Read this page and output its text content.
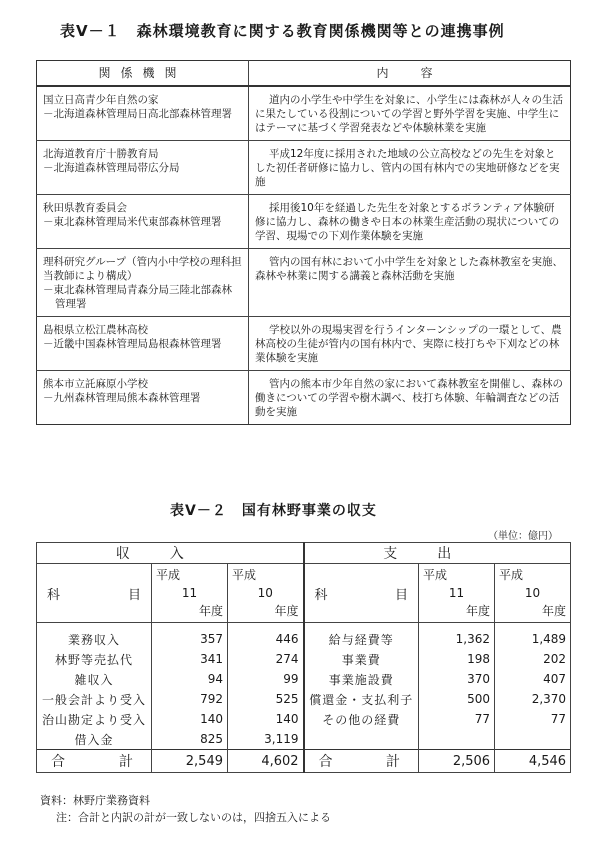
表Ⅴ－１　森林環境教育に関する教育関係機関等との連携事例
関係機関	内　容

国立日高青少年自然の家
－北海道森林管理局日高北部森林管理署	道内の小学生や中学生を対象に、小学生には森林が人々の生活に果たしている役割についての学習と野外学習を実施、中学生にはテーマに基づく学習発表などや体験林業を実施

北海道教育庁十勝教育局
－北海道森林管理局帯広分局	平成12年度に採用された地域の公立高校などの先生を対象とした初任者研修に協力し、管内の国有林内での実地研修などを実施

秋田県教育委員会
－東北森林管理局米代東部森林管理署	採用後10年を経過した先生を対象とするボランティア体験研修に協力し、森林の働きや日本の林業生産活動の現状についての学習、現場での下刈作業体験を実施

理科研究グループ（管内小中学校の理科担当教師により構成）
－東北森林管理局青森分局三陸北部森林管理署	管内の国有林において小中学生を対象とした森林教室を実施、森林や林業に関する講義と森林活動を実施

島根県立松江農林高校
－近畿中国森林管理局島根森林管理署	学校以外の現場実習を行うインターンシップの一環として、農林高校の生徒が管内の国有林内で、実際に枝打ちや下刈などの林業体験を実施

熊本市立託麻原小学校
－九州森林管理局熊本森林管理署	管内の熊本市少年自然の家において森林教室を開催し、森林の働きについての学習や樹木調べ、枝打ち体験、年輪調査などの活動を実施
表Ⅴ－２　国有林野事業の収支
（単位：億円）
収入			支出		

科 目	平成
11
年度	平成
10
年度	科 目	平成
11
年度	平成
10
年度

業務収入	357	446	給与経費等	1,362	1,489
林野等売払代	341	274	事業費	198	202
雑収入	94	99	事業施設費	370	407
一般会計より受入	792	525	償還金・支払利子	500	2,370
治山勘定より受入	140	140	その他の経費	77	77
借入金	825	3,119			

合 計	2,549	4,602	合 計	2,506	4,546
資料：林野庁業務資料
注：合計と内訳の計が一致しないのは，四捨五入による
